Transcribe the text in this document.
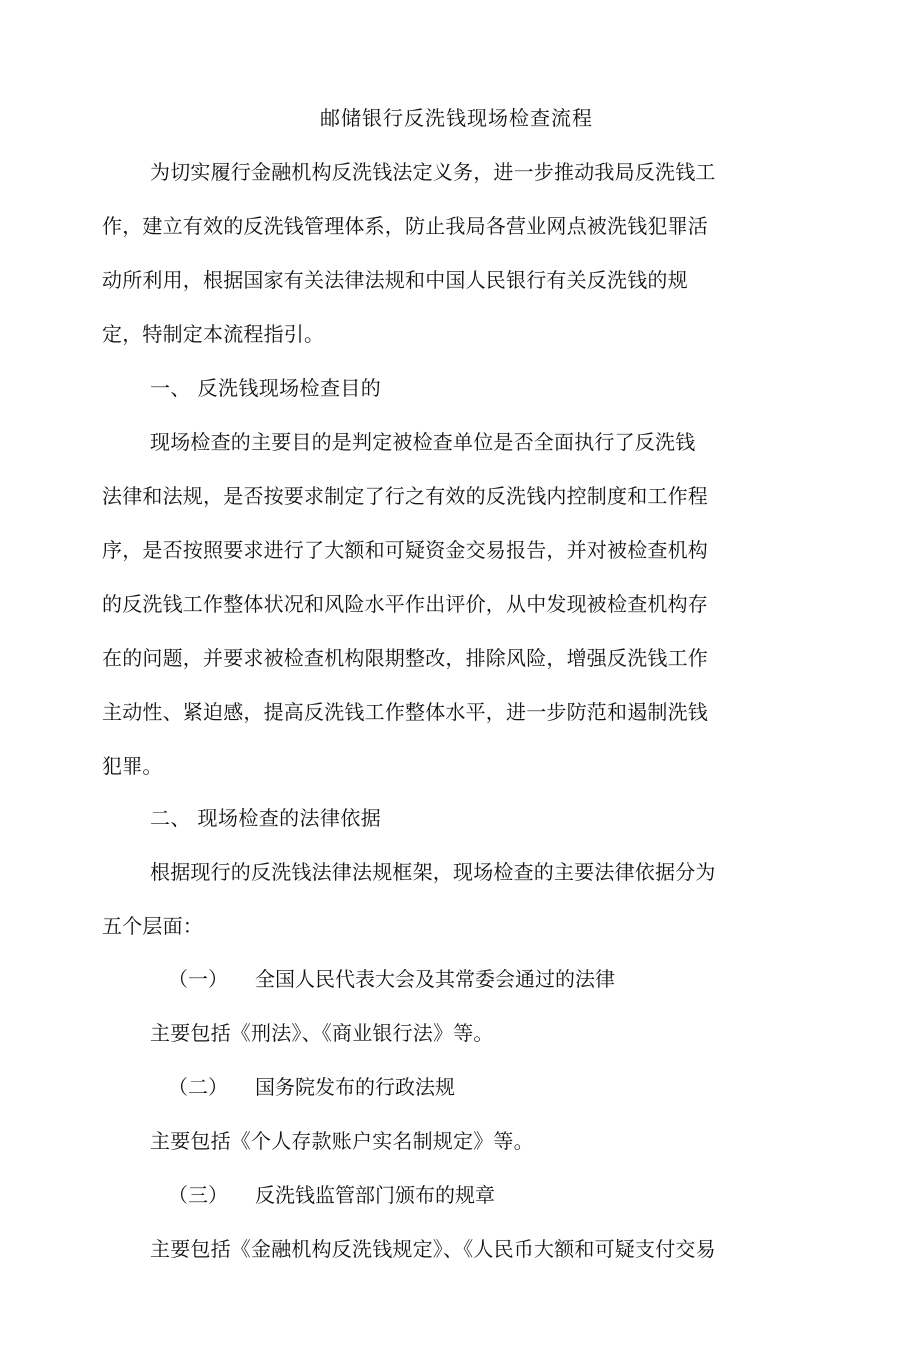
邮储银行反洗钱现场检查流程
为切实履行金融机构反洗钱法定义务，进一步推动我局反洗钱工
作，建立有效的反洗钱管理体系，防止我局各营业网点被洗钱犯罪活
动所利用，根据国家有关法律法规和中国人民银行有关反洗钱的规
定，特制定本流程指引。
一、 反洗钱现场检查目的
现场检查的主要目的是判定被检查单位是否全面执行了反洗钱
法律和法规，是否按要求制定了行之有效的反洗钱内控制度和工作程
序，是否按照要求进行了大额和可疑资金交易报告，并对被检查机构
的反洗钱工作整体状况和风险水平作出评价，从中发现被检查机构存
在的问题，并要求被检查机构限期整改，排除风险，增强反洗钱工作
主动性、紧迫感，提高反洗钱工作整体水平，进一步防范和遏制洗钱
犯罪。
二、 现场检查的法律依据
根据现行的反洗钱法律法规框架，现场检查的主要法律依据分为
五个层面：
（一） 全国人民代表大会及其常委会通过的法律
主要包括《刑法》、《商业银行法》等。
（二） 国务院发布的行政法规
主要包括《个人存款账户实名制规定》等。
（三） 反洗钱监管部门颁布的规章
主要包括《金融机构反洗钱规定》、《人民币大额和可疑支付交易
